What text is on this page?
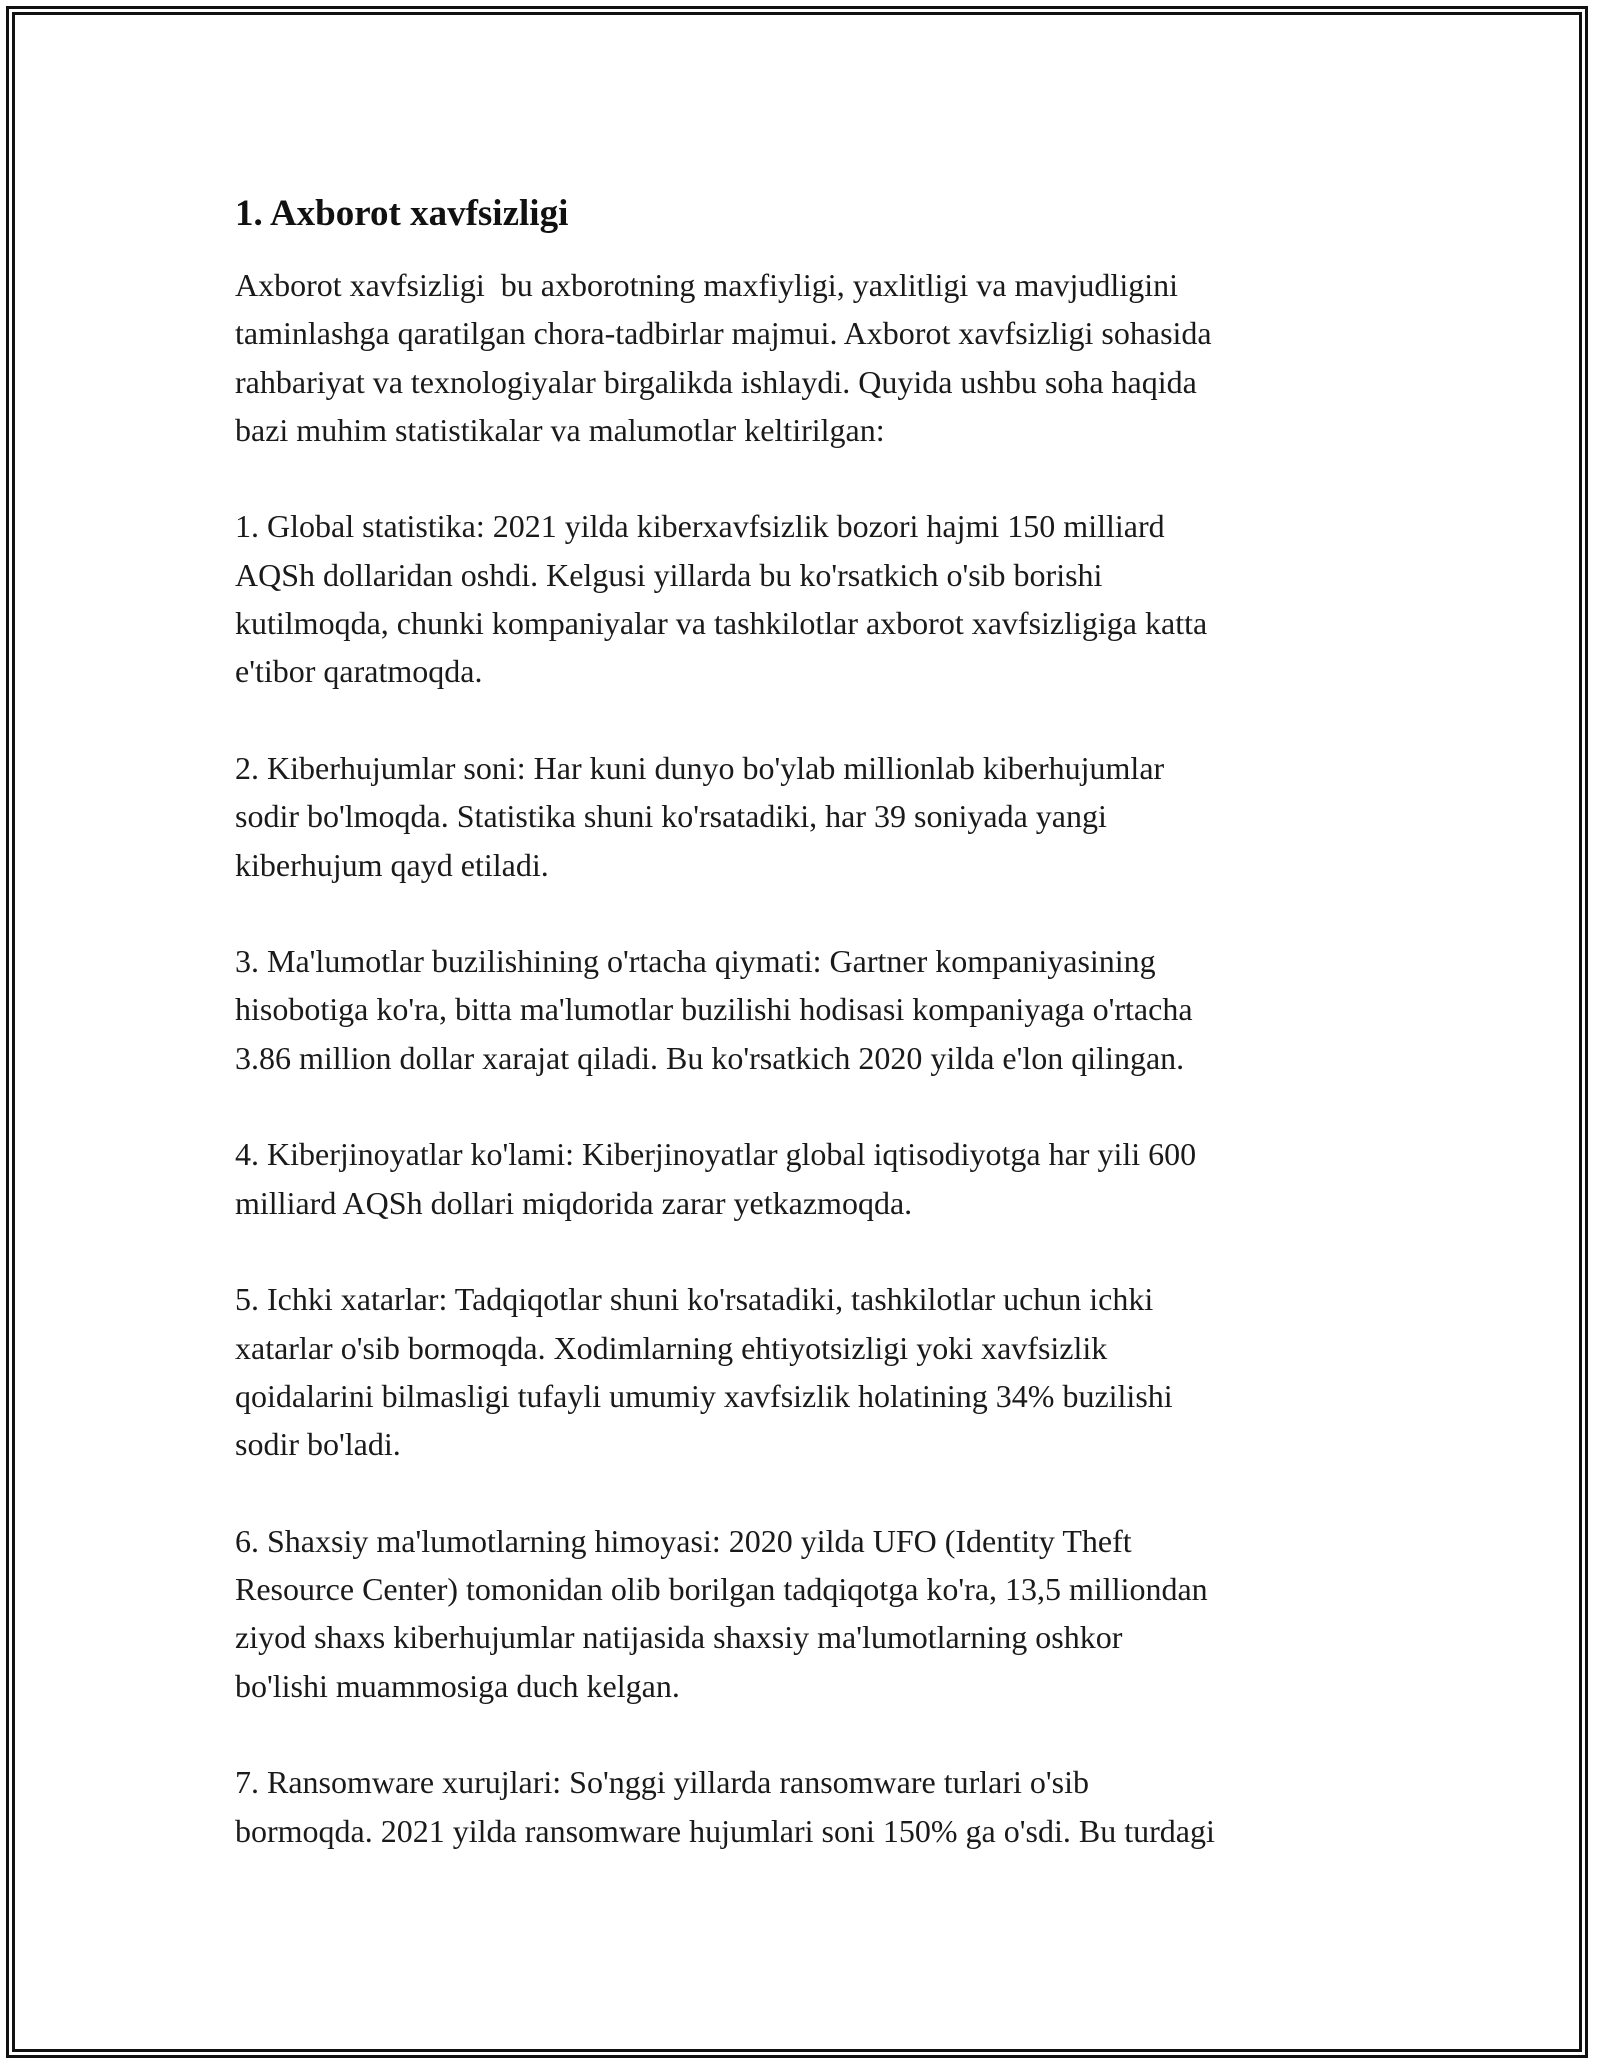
1. Axborot xavfsizligi
Axborot xavfsizligi  bu axborotning maxfiyligi, yaxlitligi va mavjudligini
taminlashga qaratilgan chora-tadbirlar majmui. Axborot xavfsizligi sohasida
rahbariyat va texnologiyalar birgalikda ishlaydi. Quyida ushbu soha haqida
bazi muhim statistikalar va malumotlar keltirilgan:
1. Global statistika: 2021 yilda kiberxavfsizlik bozori hajmi 150 milliard
AQSh dollaridan oshdi. Kelgusi yillarda bu ko'rsatkich o'sib borishi
kutilmoqda, chunki kompaniyalar va tashkilotlar axborot xavfsizligiga katta
e'tibor qaratmoqda.
2. Kiberhujumlar soni: Har kuni dunyo bo'ylab millionlab kiberhujumlar
sodir bo'lmoqda. Statistika shuni ko'rsatadiki, har 39 soniyada yangi
kiberhujum qayd etiladi.
3. Ma'lumotlar buzilishining o'rtacha qiymati: Gartner kompaniyasining
hisobotiga ko'ra, bitta ma'lumotlar buzilishi hodisasi kompaniyaga o'rtacha
3.86 million dollar xarajat qiladi. Bu ko'rsatkich 2020 yilda e'lon qilingan.
4. Kiberjinoyatlar ko'lami: Kiberjinoyatlar global iqtisodiyotga har yili 600
milliard AQSh dollari miqdorida zarar yetkazmoqda.
5. Ichki xatarlar: Tadqiqotlar shuni ko'rsatadiki, tashkilotlar uchun ichki
xatarlar o'sib bormoqda. Xodimlarning ehtiyotsizligi yoki xavfsizlik
qoidalarini bilmasligi tufayli umumiy xavfsizlik holatining 34% buzilishi
sodir bo'ladi.
6. Shaxsiy ma'lumotlarning himoyasi: 2020 yilda UFO (Identity Theft
Resource Center) tomonidan olib borilgan tadqiqotga ko'ra, 13,5 milliondan
ziyod shaxs kiberhujumlar natijasida shaxsiy ma'lumotlarning oshkor
bo'lishi muammosiga duch kelgan.
7. Ransomware xurujlari: So'nggi yillarda ransomware turlari o'sib
bormoqda. 2021 yilda ransomware hujumlari soni 150% ga o'sdi. Bu turdagi
